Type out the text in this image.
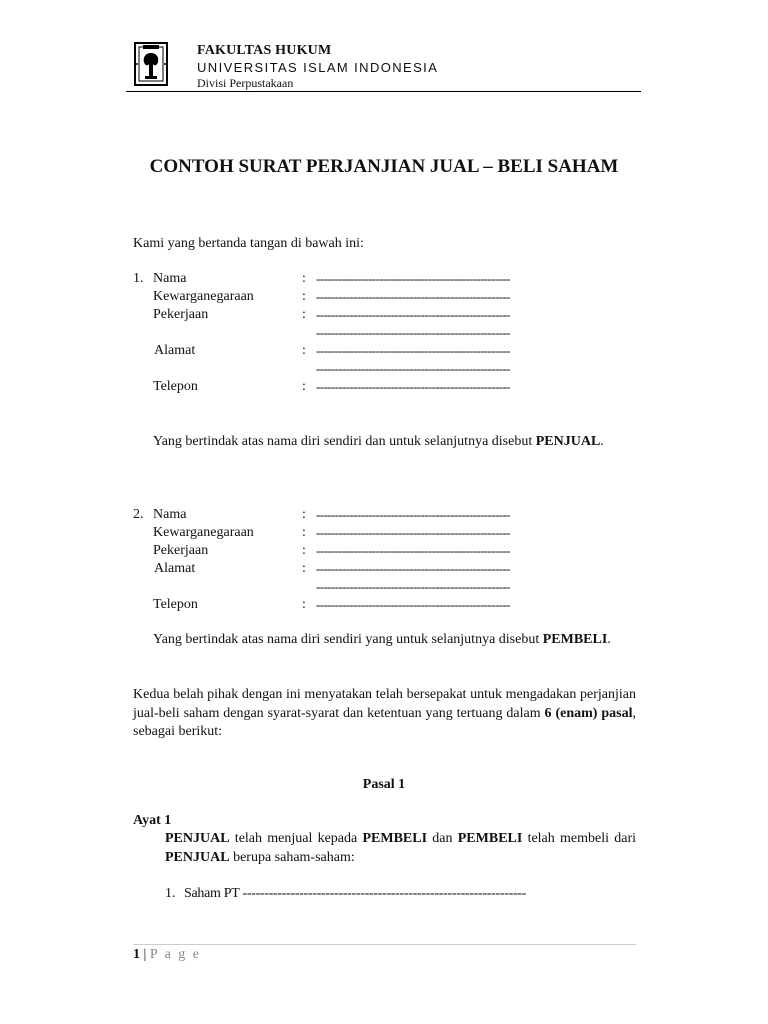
FAKULTAS HUKUM
UNIVERSITAS ISLAM INDONESIA
Divisi Perpustakaan
CONTOH SURAT PERJANJIAN JUAL – BELI SAHAM
Kami yang bertanda tangan di bawah ini:
1. Nama	: ----------------------------------------------------
Kewarganegaraan	: ----------------------------------------------------
Pekerjaan	: ----------------------------------------------------
----------------------------------------------------
Alamat	: ----------------------------------------------------
----------------------------------------------------
Telepon	: ----------------------------------------------------
Yang bertindak atas nama diri sendiri dan untuk selanjutnya disebut PENJUAL.
2. Nama	: ----------------------------------------------------
Kewarganegaraan	: ----------------------------------------------------
Pekerjaan	: ----------------------------------------------------
Alamat	: ----------------------------------------------------
----------------------------------------------------
Telepon	: ----------------------------------------------------
Yang bertindak atas nama diri sendiri yang untuk selanjutnya disebut PEMBELI.
Kedua belah pihak dengan ini menyatakan telah bersepakat untuk mengadakan perjanjian jual-beli saham dengan syarat-syarat dan ketentuan yang tertuang dalam 6 (enam) pasal, sebagai berikut:
Pasal 1
Ayat 1
PENJUAL telah menjual kepada PEMBELI dan PEMBELI telah membeli dari PENJUAL berupa saham-saham:
1. Saham PT -----------------------------------------------------------------
1 | P a g e
